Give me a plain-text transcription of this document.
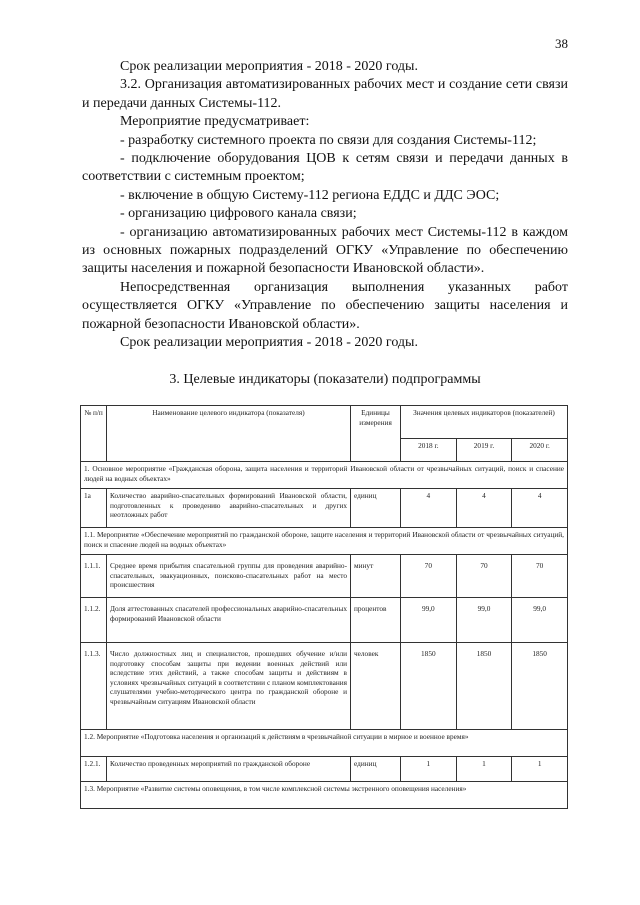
38

Срок реализации мероприятия - 2018 - 2020 годы.

3.2. Организация автоматизированных рабочих мест и создание сети связи и передачи данных Системы-112.

Мероприятие предусматривает:

- разработку системного проекта по связи для создания Системы-112;

- подключение оборудования ЦОВ к сетям связи и передачи данных в соответствии с системным проектом;

- включение в общую Систему-112 региона ЕДДС и ДДС ЭОС;

- организацию цифрового канала связи;

- организацию автоматизированных рабочих мест Системы-112 в каждом из основных пожарных подразделений ОГКУ «Управление по обеспечению защиты населения и пожарной безопасности Ивановской области».

Непосредственная организация выполнения указанных работ осуществляется ОГКУ «Управление по обеспечению защиты населения и пожарной безопасности Ивановской области».

Срок реализации мероприятия - 2018 - 2020 годы.

3. Целевые индикаторы (показатели) подпрограммы
№ п/п	Наименование целевого индикатора (показателя)	Единицы измерения	Значения целевых индикаторов (показателей)		
			2018 г.	2019 г.	2020 г.
1. Основное мероприятие «Гражданская оборона, защита населения и территорий Ивановской области от чрезвычайных ситуаций, поиск и спасение людей на водных объектах»					
1а	Количество аварийно-спасательных формирований Ивановской области, подготовленных к проведению аварийно-спасательных и других неотложных работ	единиц	4	4	4
1.1. Мероприятие «Обеспечение мероприятий по гражданской обороне, защите населения и территорий Ивановской области от чрезвычайных ситуаций, поиск и спасение людей на водных объектах»					
1.1.1.	Среднее время прибытия спасательной группы для проведения аварийно-спасательных, эвакуационных, поисково-спасательных работ на место происшествия	минут	70	70	70
1.1.2.	Доля аттестованных спасателей профессиональных аварийно-спасательных формирований Ивановской области	процентов	99,0	99,0	99,0
1.1.3.	Число должностных лиц и специалистов, прошедших обучение и/или подготовку способам защиты при ведении военных действий или вследствие этих действий, а также способам защиты и действиям в условиях чрезвычайных ситуаций в соответствии с планом комплектования слушателями учебно-методического центра по гражданской обороне и чрезвычайным ситуациям Ивановской области	человек	1850	1850	1850
1.2. Мероприятие «Подготовка населения и организаций к действиям в чрезвычайной ситуации в мирное и военное время»					
1.2.1.	Количество проведенных мероприятий по гражданской обороне	единиц	1	1	1
1.3. Мероприятие «Развитие системы оповещения, в том числе комплексной системы экстренного оповещения населения»					
